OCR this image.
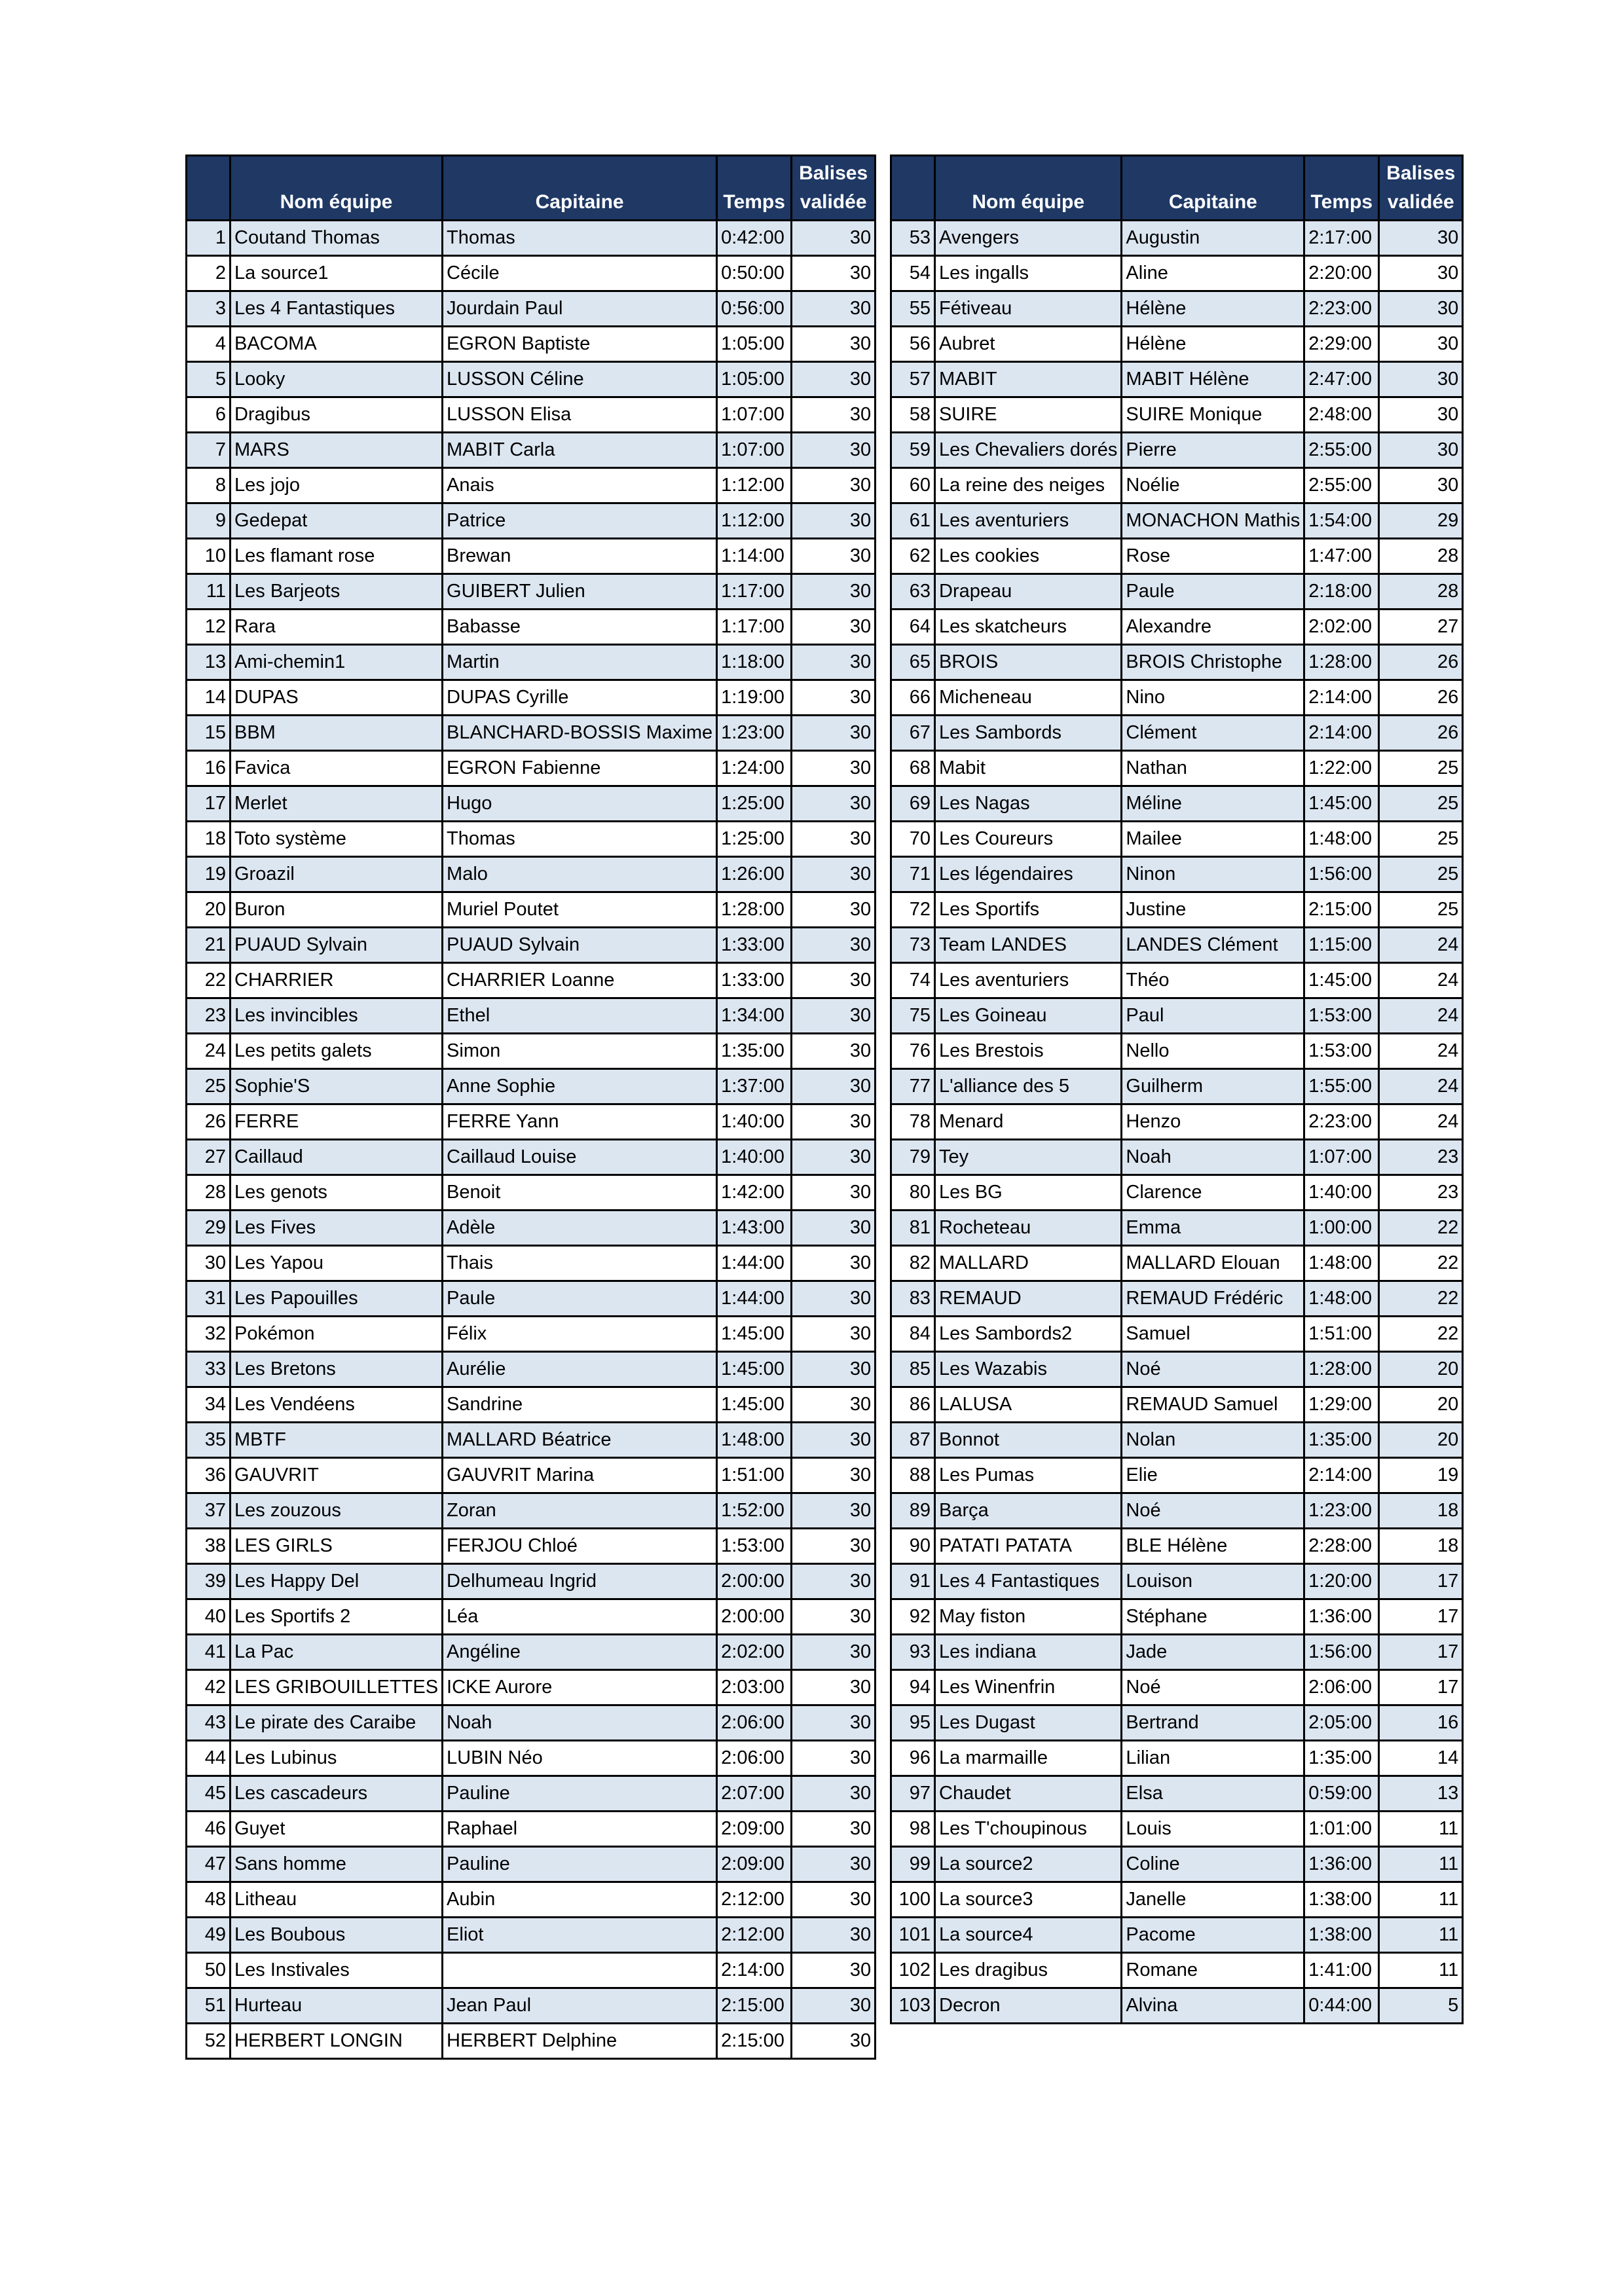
	Nom équipe	Capitaine	Temps	Balises validée
1	Coutand Thomas	Thomas	0:42:00	30
2	La source1	Cécile	0:50:00	30
3	Les 4 Fantastiques	Jourdain Paul	0:56:00	30
4	BACOMA	EGRON Baptiste	1:05:00	30
5	Looky	LUSSON Céline	1:05:00	30
6	Dragibus	LUSSON Elisa	1:07:00	30
7	MARS	MABIT Carla	1:07:00	30
8	Les jojo	Anais	1:12:00	30
9	Gedepat	Patrice	1:12:00	30
10	Les flamant rose	Brewan	1:14:00	30
11	Les Barjeots	GUIBERT Julien	1:17:00	30
12	Rara	Babasse	1:17:00	30
13	Ami-chemin1	Martin	1:18:00	30
14	DUPAS	DUPAS Cyrille	1:19:00	30
15	BBM	BLANCHARD-BOSSIS Maxime	1:23:00	30
16	Favica	EGRON Fabienne	1:24:00	30
17	Merlet	Hugo	1:25:00	30
18	Toto système	Thomas	1:25:00	30
19	Groazil	Malo	1:26:00	30
20	Buron	Muriel Poutet	1:28:00	30
21	PUAUD Sylvain	PUAUD Sylvain	1:33:00	30
22	CHARRIER	CHARRIER Loanne	1:33:00	30
23	Les invincibles	Ethel	1:34:00	30
24	Les petits galets	Simon	1:35:00	30
25	Sophie'S	Anne Sophie	1:37:00	30
26	FERRE	FERRE Yann	1:40:00	30
27	Caillaud	Caillaud Louise	1:40:00	30
28	Les genots	Benoit	1:42:00	30
29	Les Fives	Adèle	1:43:00	30
30	Les Yapou	Thais	1:44:00	30
31	Les Papouilles	Paule	1:44:00	30
32	Pokémon	Félix	1:45:00	30
33	Les Bretons	Aurélie	1:45:00	30
34	Les Vendéens	Sandrine	1:45:00	30
35	MBTF	MALLARD Béatrice	1:48:00	30
36	GAUVRIT	GAUVRIT Marina	1:51:00	30
37	Les zouzous	Zoran	1:52:00	30
38	LES GIRLS	FERJOU Chloé	1:53:00	30
39	Les Happy Del	Delhumeau Ingrid	2:00:00	30
40	Les Sportifs 2	Léa	2:00:00	30
41	La Pac	Angéline	2:02:00	30
42	LES GRIBOUILLETTES	ICKE Aurore	2:03:00	30
43	Le pirate des Caraibe	Noah	2:06:00	30
44	Les Lubinus	LUBIN Néo	2:06:00	30
45	Les cascadeurs	Pauline	2:07:00	30
46	Guyet	Raphael	2:09:00	30
47	Sans homme	Pauline	2:09:00	30
48	Litheau	Aubin	2:12:00	30
49	Les Boubous	Eliot	2:12:00	30
50	Les Instivales		2:14:00	30
51	Hurteau	Jean Paul	2:15:00	30
52	HERBERT LONGIN	HERBERT Delphine	2:15:00	30
	Nom équipe	Capitaine	Temps	Balises validée
53	Avengers	Augustin	2:17:00	30
54	Les ingalls	Aline	2:20:00	30
55	Fétiveau	Hélène	2:23:00	30
56	Aubret	Hélène	2:29:00	30
57	MABIT	MABIT Hélène	2:47:00	30
58	SUIRE	SUIRE Monique	2:48:00	30
59	Les Chevaliers dorés	Pierre	2:55:00	30
60	La reine des neiges	Noélie	2:55:00	30
61	Les aventuriers	MONACHON Mathis	1:54:00	29
62	Les cookies	Rose	1:47:00	28
63	Drapeau	Paule	2:18:00	28
64	Les skatcheurs	Alexandre	2:02:00	27
65	BROIS	BROIS Christophe	1:28:00	26
66	Micheneau	Nino	2:14:00	26
67	Les Sambords	Clément	2:14:00	26
68	Mabit	Nathan	1:22:00	25
69	Les Nagas	Méline	1:45:00	25
70	Les Coureurs	Mailee	1:48:00	25
71	Les légendaires	Ninon	1:56:00	25
72	Les Sportifs	Justine	2:15:00	25
73	Team LANDES	LANDES Clément	1:15:00	24
74	Les aventuriers	Théo	1:45:00	24
75	Les Goineau	Paul	1:53:00	24
76	Les Brestois	Nello	1:53:00	24
77	L'alliance des 5	Guilherm	1:55:00	24
78	Menard	Henzo	2:23:00	24
79	Tey	Noah	1:07:00	23
80	Les BG	Clarence	1:40:00	23
81	Rocheteau	Emma	1:00:00	22
82	MALLARD	MALLARD Elouan	1:48:00	22
83	REMAUD	REMAUD Frédéric	1:48:00	22
84	Les Sambords2	Samuel	1:51:00	22
85	Les Wazabis	Noé	1:28:00	20
86	LALUSA	REMAUD Samuel	1:29:00	20
87	Bonnot	Nolan	1:35:00	20
88	Les Pumas	Elie	2:14:00	19
89	Barça	Noé	1:23:00	18
90	PATATI PATATA	BLE Hélène	2:28:00	18
91	Les 4 Fantastiques	Louison	1:20:00	17
92	May fiston	Stéphane	1:36:00	17
93	Les indiana	Jade	1:56:00	17
94	Les Winenfrin	Noé	2:06:00	17
95	Les Dugast	Bertrand	2:05:00	16
96	La marmaille	Lilian	1:35:00	14
97	Chaudet	Elsa	0:59:00	13
98	Les T'choupinous	Louis	1:01:00	11
99	La source2	Coline	1:36:00	11
100	La source3	Janelle	1:38:00	11
101	La source4	Pacome	1:38:00	11
102	Les dragibus	Romane	1:41:00	11
103	Decron	Alvina	0:44:00	5
